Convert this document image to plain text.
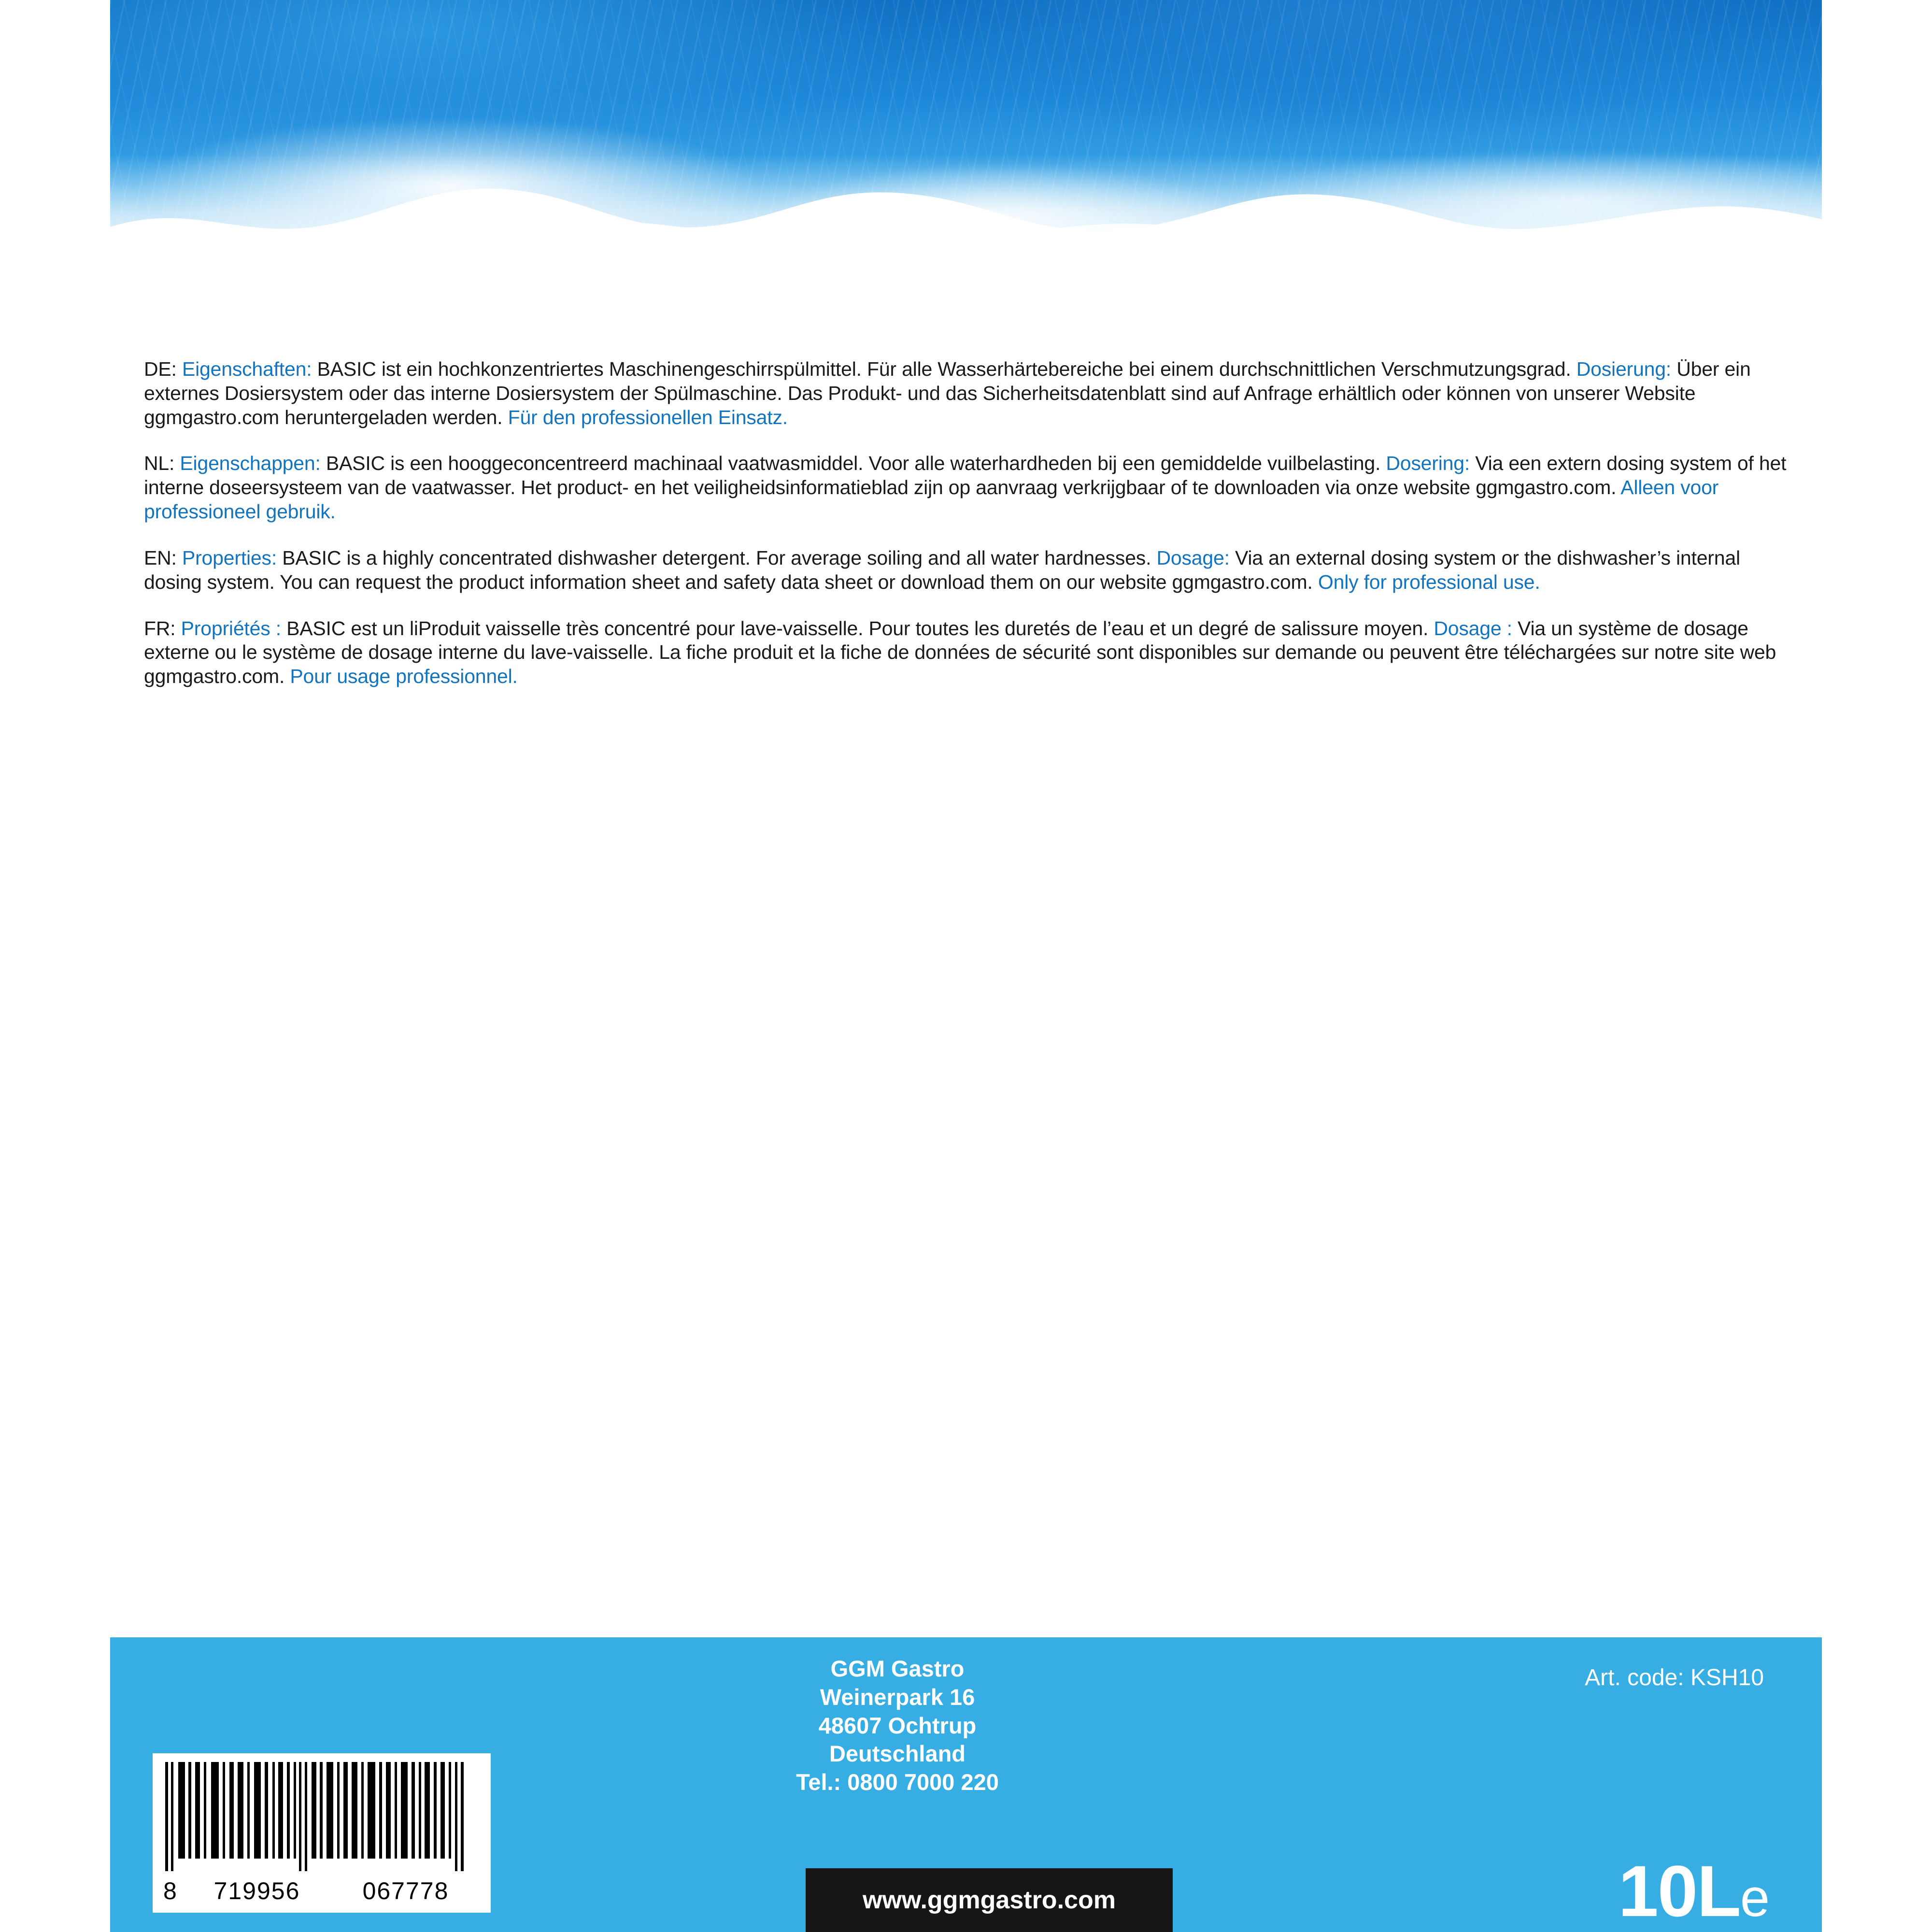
DE: Eigenschaften: BASIC ist ein hochkonzentriertes Maschinengeschirrspülmittel. Für alle Wasserhärtebereiche bei einem durchschnittlichen Verschmutzungsgrad. Dosierung: Über ein externes Dosiersystem oder das interne Dosiersystem der Spülmaschine. Das Produkt- und das Sicherheitsdatenblatt sind auf Anfrage erhältlich oder können von unserer Website ggmgastro.com heruntergeladen werden. Für den professionellen Einsatz.
NL: Eigenschappen: BASIC is een hooggeconcentreerd machinaal vaatwasmiddel. Voor alle waterhardheden bij een gemiddelde vuilbelasting. Dosering: Via een extern dosing system of het interne doseersysteem van de vaatwasser. Het product- en het veiligheidsinformatieblad zijn op aanvraag verkrijgbaar of te downloaden via onze website ggmgastro.com. Alleen voor professioneel gebruik.
EN: Properties: BASIC is a highly concentrated dishwasher detergent. For average soiling and all water hardnesses. Dosage: Via an external dosing system or the dishwasher’s internal dosing system. You can request the product information sheet and safety data sheet or download them on our website ggmgastro.com. Only for professional use.
FR: Propriétés : BASIC est un liProduit vaisselle très concentré pour lave-vaisselle. Pour toutes les duretés de l’eau et un degré de salissure moyen. Dosage : Via un système de dosage externe ou le système de dosage interne du lave-vaisselle. La fiche produit et la fiche de données de sécurité sont disponibles sur demande ou peuvent être téléchargées sur notre site web ggmgastro.com. Pour usage professionnel.
8	719956	067778
GGM Gastro
Weinerpark 16
48607 Ochtrup
Deutschland
Tel.: 0800 7000 220
Art. code: KSH10
www.ggmgastro.com	10Le
